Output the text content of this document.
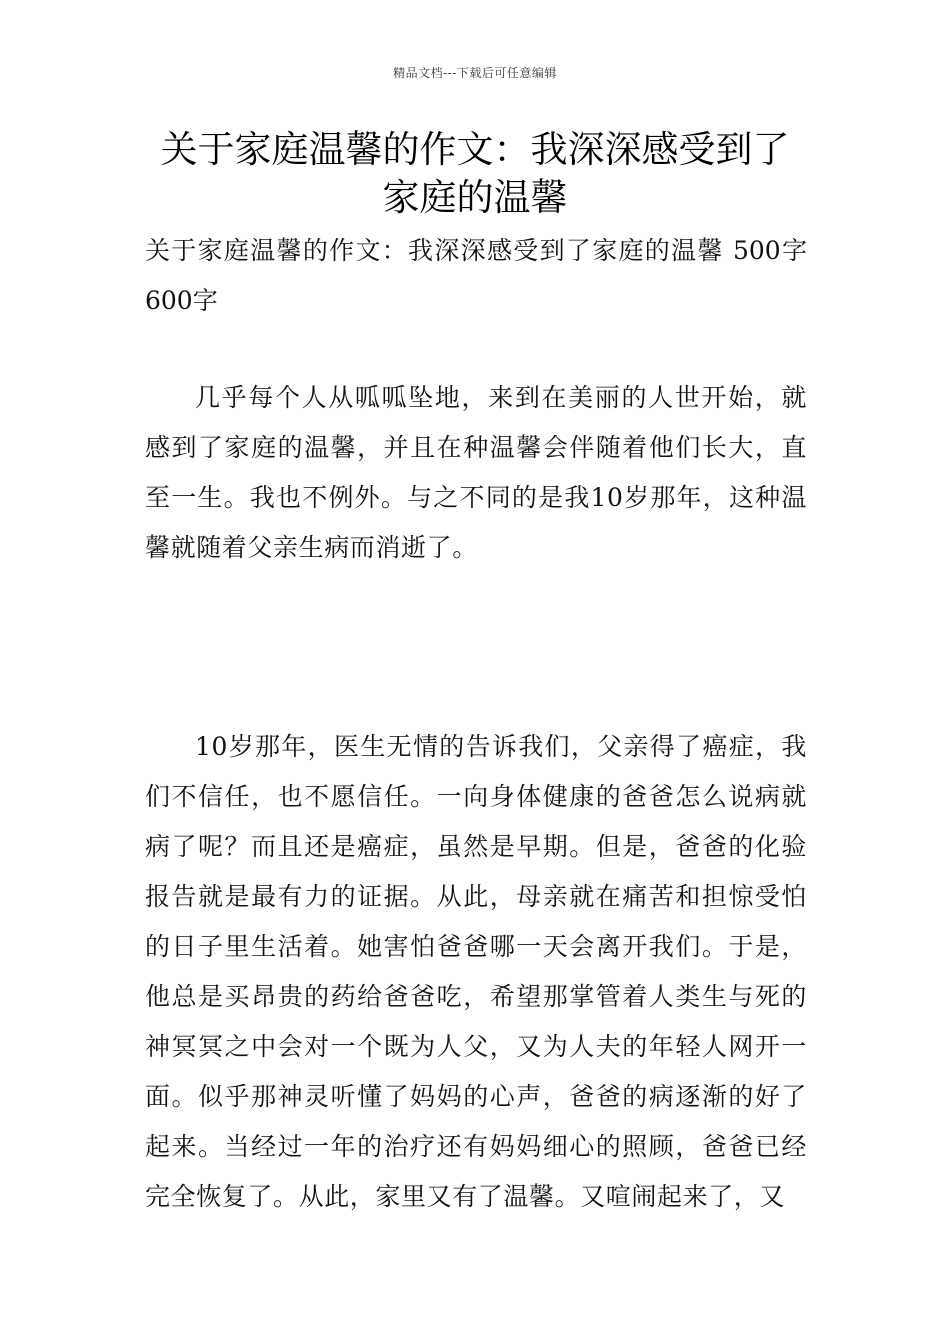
精品文档---下载后可任意编辑
关于家庭温馨的作文：我深深感受到了家庭的温馨

关于家庭温馨的作文：我深深感受到了家庭的温馨 500字600字

几乎每个人从呱呱坠地，来到在美丽的人世开始，就感到了家庭的温馨，并且在种温馨会伴随着他们长大，直至一生。我也不例外。与之不同的是我10岁那年，这种温馨就随着父亲生病而消逝了。

10岁那年，医生无情的告诉我们，父亲得了癌症，我们不信任，也不愿信任。一向身体健康的爸爸怎么说病就病了呢？而且还是癌症，虽然是早期。但是，爸爸的化验报告就是最有力的证据。从此，母亲就在痛苦和担惊受怕的日子里生活着。她害怕爸爸哪一天会离开我们。于是，他总是买昂贵的药给爸爸吃，希望那掌管着人类生与死的神冥冥之中会对一个既为人父，又为人夫的年轻人网开一面。似乎那神灵听懂了妈妈的心声，爸爸的病逐渐的好了起来。当经过一年的治疗还有妈妈细心的照顾，爸爸已经完全恢复了。从此，家里又有了温馨。又喧闹起来了，又
